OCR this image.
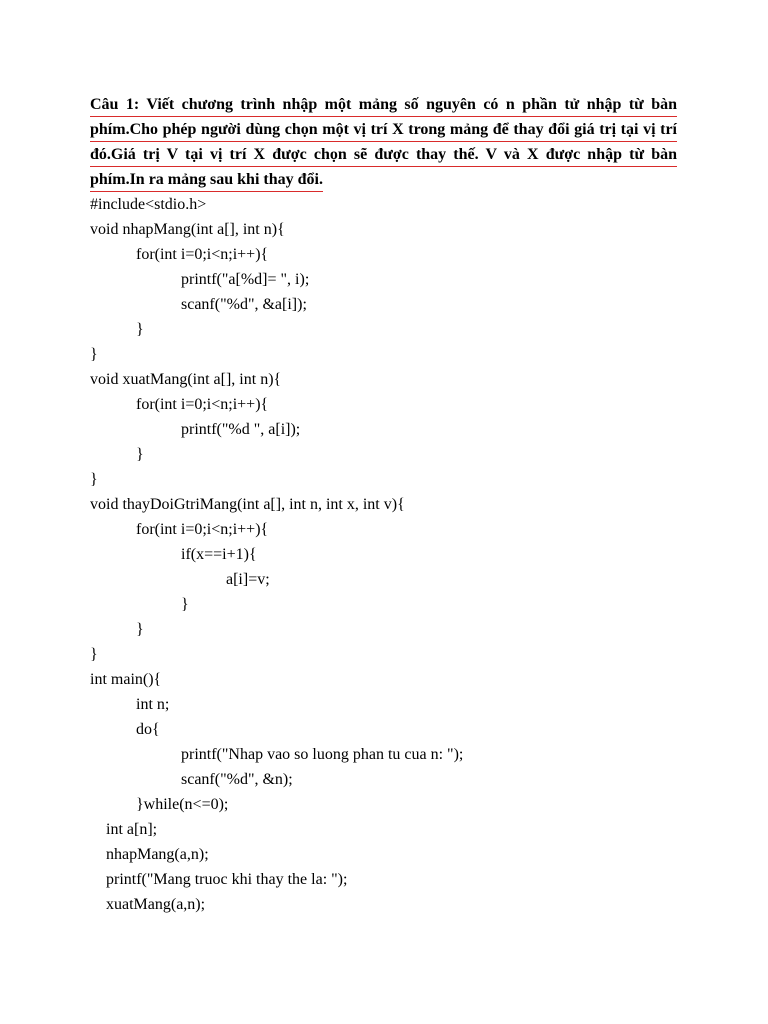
Câu 1: Viết chương trình nhập một mảng số nguyên có n phần tử nhập từ bàn
phím.Cho phép người dùng chọn một vị trí X trong mảng để thay đổi giá trị tại vị trí
đó.Giá trị V tại vị trí X được chọn sẽ được thay thế. V và X được nhập từ bàn
phím.In ra mảng sau khi thay đổi.
#include<stdio.h>
void nhapMang(int a[], int n){
for(int i=0;i<n;i++){
printf("a[%d]= ", i);
scanf("%d", &a[i]);
}
}
void xuatMang(int a[], int n){
for(int i=0;i<n;i++){
printf("%d ", a[i]);
}
}
void thayDoiGtriMang(int a[], int n, int x, int v){
for(int i=0;i<n;i++){
if(x==i+1){
a[i]=v;
}
}
}
int main(){
int n;
do{
printf("Nhap vao so luong phan tu cua n: ");
scanf("%d", &n);
}while(n<=0);
int a[n];
nhapMang(a,n);
printf("Mang truoc khi thay the la: ");
xuatMang(a,n);
